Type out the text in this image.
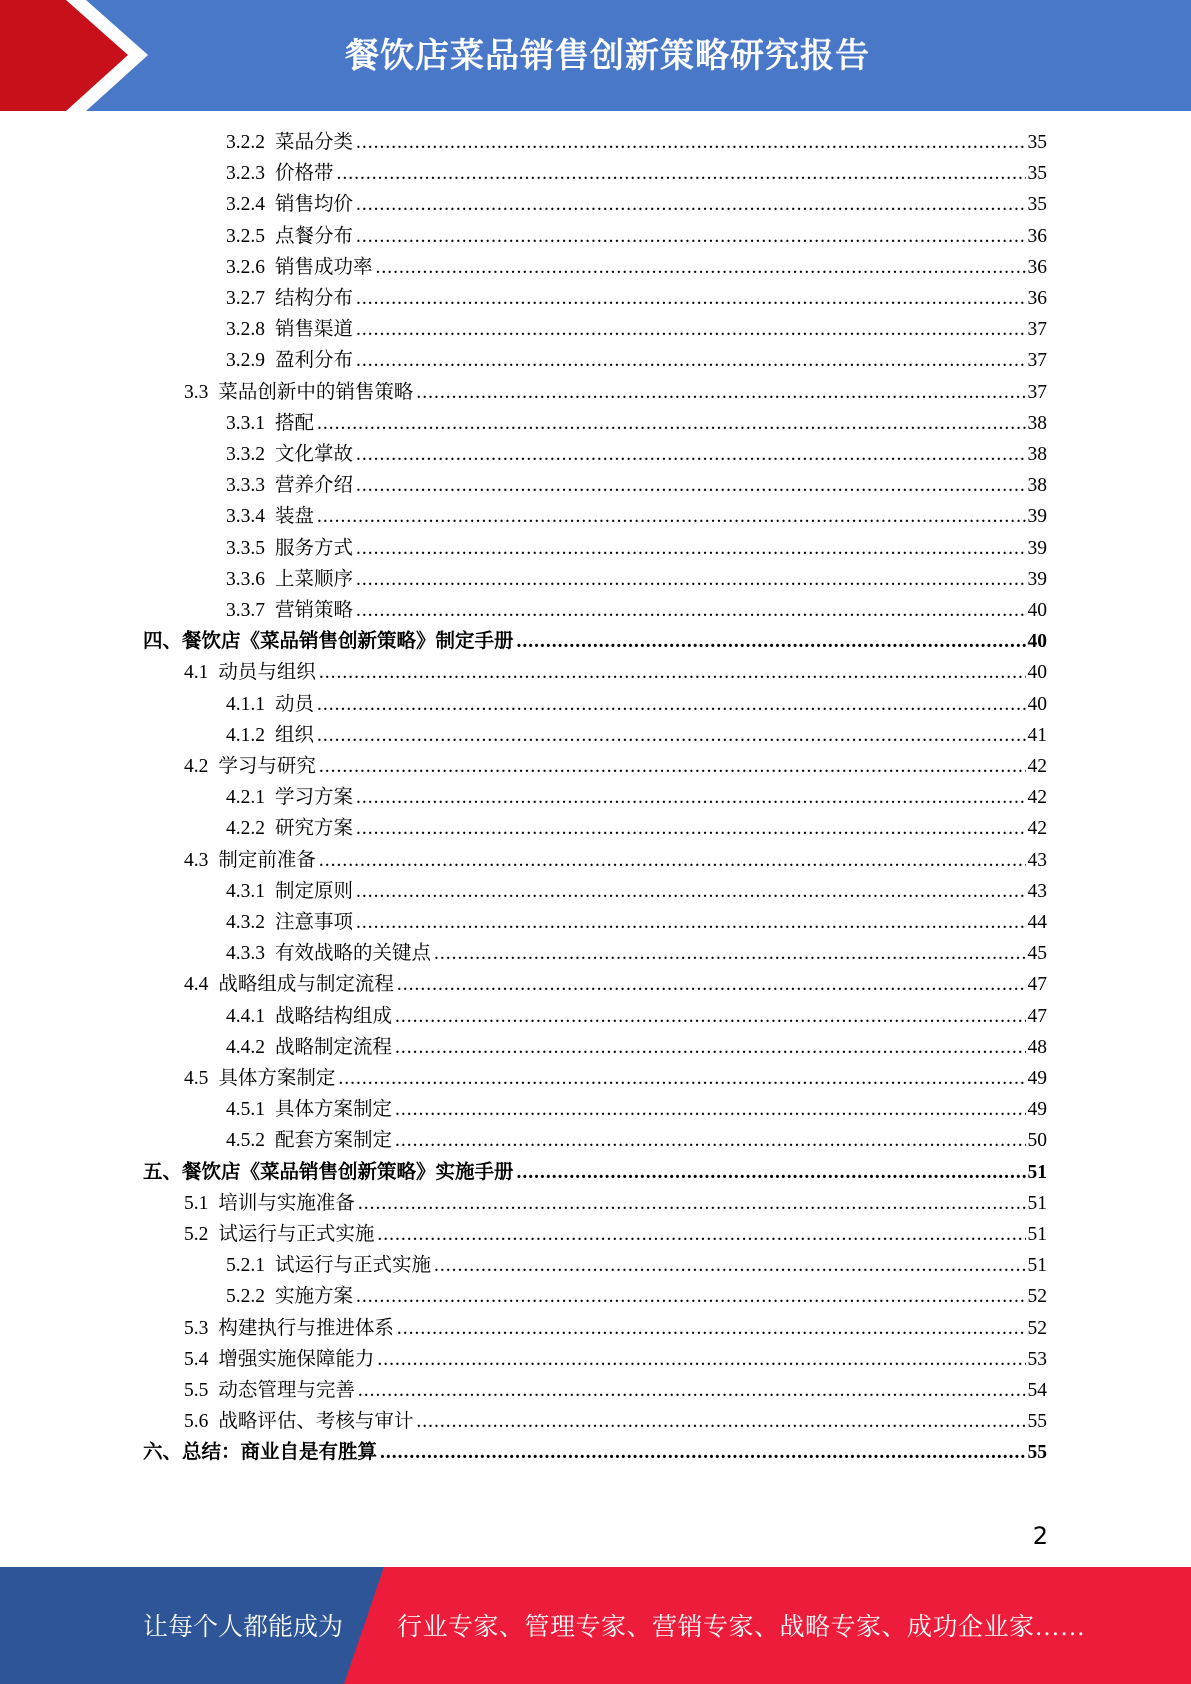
餐饮店菜品销售创新策略研究报告
3.2.2 菜品分类 .....	35
3.2.3 价格带 .....	35
3.2.4 销售均价 .....	35
3.2.5 点餐分布 .....	36
3.2.6 销售成功率 .....	36
3.2.7 结构分布 .....	36
3.2.8 销售渠道 .....	37
3.2.9 盈利分布 .....	37
3.3 菜品创新中的销售策略 .....	37
3.3.1 搭配 .....	38
3.3.2 文化掌故 .....	38
3.3.3 营养介绍 .....	38
3.3.4 装盘 .....	39
3.3.5 服务方式 .....	39
3.3.6 上菜顺序 .....	39
3.3.7 营销策略 .....	40
四、餐饮店《菜品销售创新策略》制定手册 .....	40
4.1 动员与组织 .....	40
4.1.1 动员 .....	40
4.1.2 组织 .....	41
4.2 学习与研究 .....	42
4.2.1 学习方案 .....	42
4.2.2 研究方案 .....	42
4.3 制定前准备 .....	43
4.3.1 制定原则 .....	43
4.3.2 注意事项 .....	44
4.3.3 有效战略的关键点 .....	45
4.4 战略组成与制定流程 .....	47
4.4.1 战略结构组成 .....	47
4.4.2 战略制定流程 .....	48
4.5 具体方案制定 .....	49
4.5.1 具体方案制定 .....	49
4.5.2 配套方案制定 .....	50
五、餐饮店《菜品销售创新策略》实施手册 .....	51
5.1 培训与实施准备 .....	51
5.2 试运行与正式实施 .....	51
5.2.1 试运行与正式实施 .....	51
5.2.2 实施方案 .....	52
5.3 构建执行与推进体系 .....	52
5.4 增强实施保障能力 .....	53
5.5 动态管理与完善 .....	54
5.6 战略评估、考核与审计 .....	55
六、总结：商业自是有胜算 .....	55
2
让每个人都能成为 行业专家、管理专家、营销专家、战略专家、成功企业家……
